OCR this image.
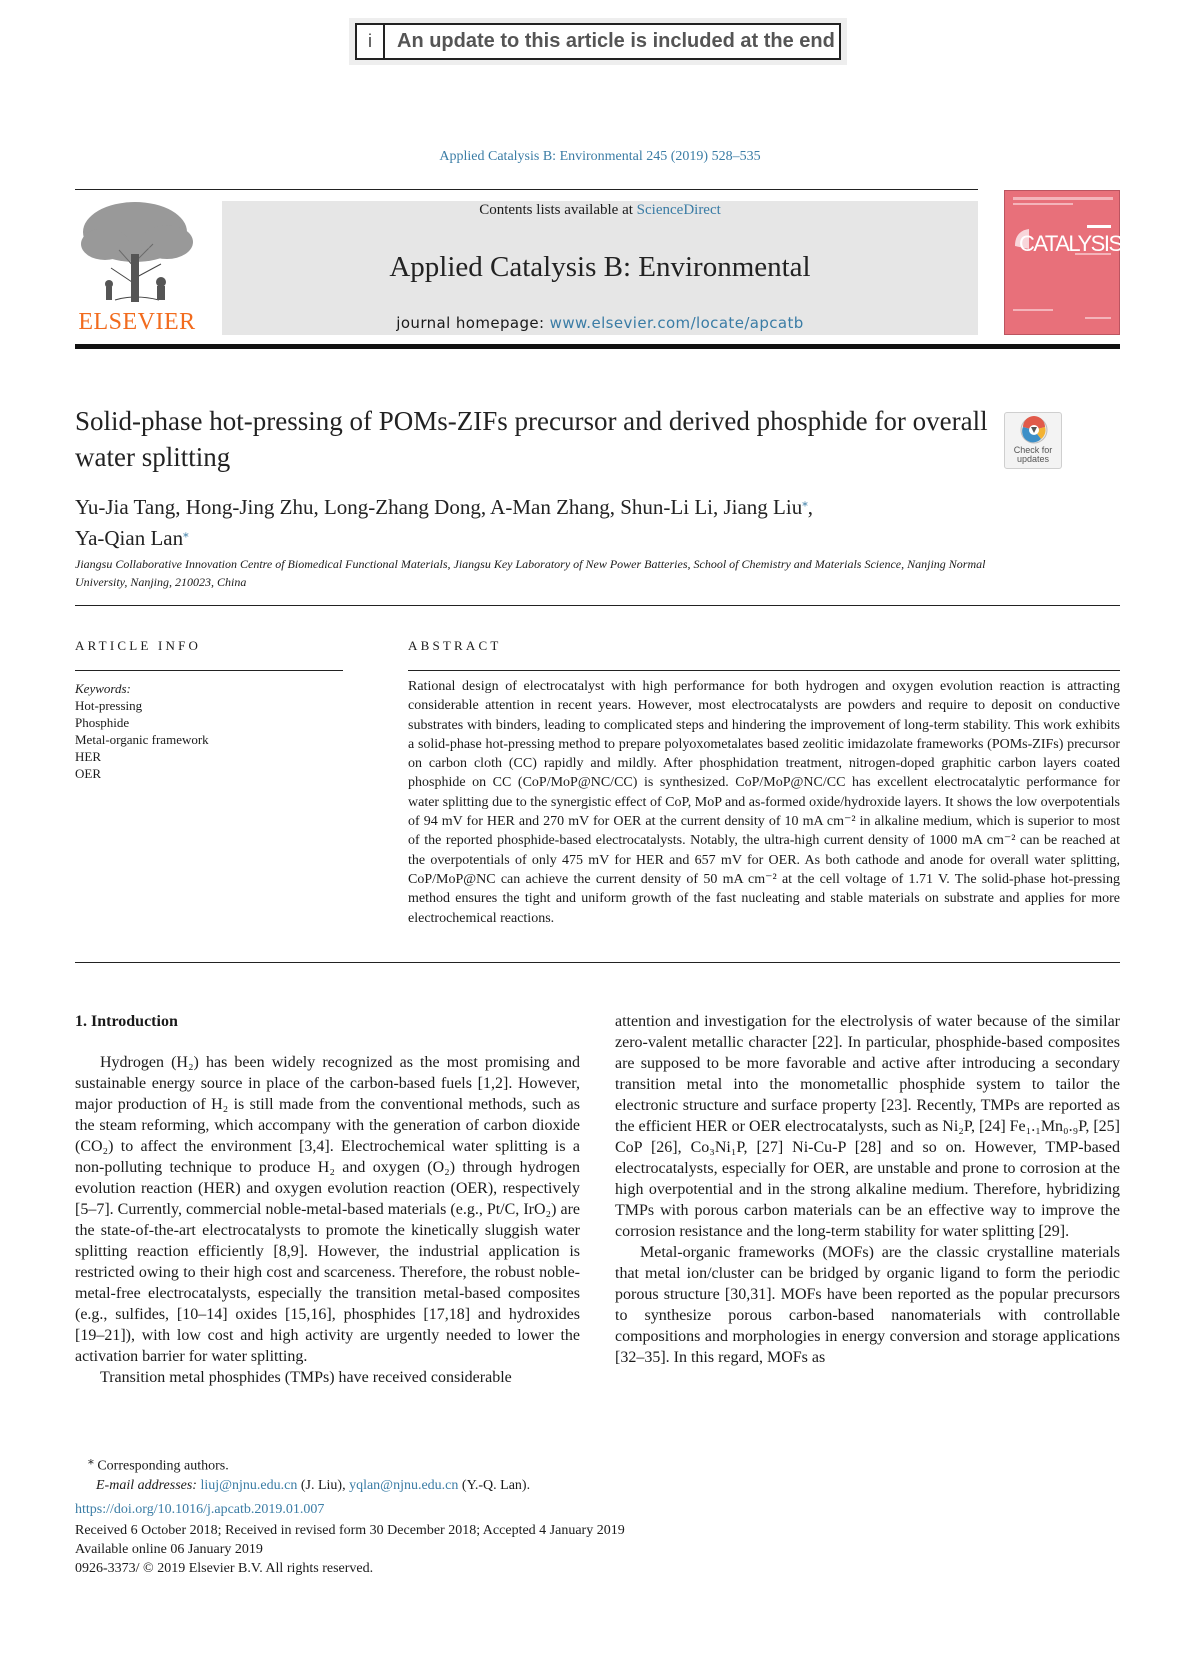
i	An update to this article is included at the end
Applied Catalysis B: Environmental 245 (2019) 528–535
ELSEVIER
Contents lists available at ScienceDirect
Applied Catalysis B: Environmental
journal homepage: www.elsevier.com/locate/apcatb
CATALYSIS
Solid-phase hot-pressing of POMs-ZIFs precursor and derived phosphide for overall water splitting	Check for
updates
Yu-Jia Tang, Hong-Jing Zhu, Long-Zhang Dong, A-Man Zhang, Shun-Li Li, Jiang Liu⁎,
Ya-Qian Lan⁎
Jiangsu Collaborative Innovation Centre of Biomedical Functional Materials, Jiangsu Key Laboratory of New Power Batteries, School of Chemistry and Materials Science, Nanjing Normal University, Nanjing, 210023, China
ARTICLE INFO	ABSTRACT
Keywords:
Hot-pressing
Phosphide
Metal-organic framework
HER
OER
Rational design of electrocatalyst with high performance for both hydrogen and oxygen evolution reaction is attracting considerable attention in recent years. However, most electrocatalysts are powders and require to deposit on conductive substrates with binders, leading to complicated steps and hindering the improvement of long-term stability. This work exhibits a solid-phase hot-pressing method to prepare polyoxometalates based zeolitic imidazolate frameworks (POMs-ZIFs) precursor on carbon cloth (CC) rapidly and mildly. After phosphidation treatment, nitrogen-doped graphitic carbon layers coated phosphide on CC (CoP/MoP@NC/CC) is synthesized. CoP/MoP@NC/CC has excellent electrocatalytic performance for water splitting due to the synergistic effect of CoP, MoP and as-formed oxide/hydroxide layers. It shows the low overpotentials of 94 mV for HER and 270 mV for OER at the current density of 10 mA cm⁻² in alkaline medium, which is superior to most of the reported phosphide-based electrocatalysts. Notably, the ultra-high current density of 1000 mA cm⁻² can be reached at the overpotentials of only 475 mV for HER and 657 mV for OER. As both cathode and anode for overall water splitting, CoP/MoP@NC can achieve the current density of 50 mA cm⁻² at the cell voltage of 1.71 V. The solid-phase hot-pressing method ensures the tight and uniform growth of the fast nucleating and stable materials on substrate and applies for more electrochemical reactions.
1. Introduction

Hydrogen (H₂) has been widely recognized as the most promising and sustainable energy source in place of the carbon-based fuels [1,2]. However, major production of H₂ is still made from the conventional methods, such as the steam reforming, which accompany with the generation of carbon dioxide (CO₂) to affect the environment [3,4]. Electrochemical water splitting is a non-polluting technique to produce H₂ and oxygen (O₂) through hydrogen evolution reaction (HER) and oxygen evolution reaction (OER), respectively [5–7]. Currently, commercial noble-metal-based materials (e.g., Pt/C, IrO₂) are the state-of-the-art electrocatalysts to promote the kinetically sluggish water splitting reaction efficiently [8,9]. However, the industrial application is restricted owing to their high cost and scarceness. Therefore, the robust noble-metal-free electrocatalysts, especially the transition metal-based composites (e.g., sulfides, [10–14] oxides [15,16], phosphides [17,18] and hydroxides [19–21]), with low cost and high activity are urgently needed to lower the activation barrier for water splitting.

Transition metal phosphides (TMPs) have received considerable

attention and investigation for the electrolysis of water because of the similar zero-valent metallic character [22]. In particular, phosphide-based composites are supposed to be more favorable and active after introducing a secondary transition metal into the monometallic phosphide system to tailor the electronic structure and surface property [23]. Recently, TMPs are reported as the efficient HER or OER electrocatalysts, such as Ni₂P, [24] Fe₁.₁Mn₀.₉P, [25] CoP [26], Co₃Ni₁P, [27] Ni-Cu-P [28] and so on. However, TMP-based electrocatalysts, especially for OER, are unstable and prone to corrosion at the high overpotential and in the strong alkaline medium. Therefore, hybridizing TMPs with porous carbon materials can be an effective way to improve the corrosion resistance and the long-term stability for water splitting [29].

Metal-organic frameworks (MOFs) are the classic crystalline materials that metal ion/cluster can be bridged by organic ligand to form the periodic porous structure [30,31]. MOFs have been reported as the popular precursors to synthesize porous carbon-based nanomaterials with controllable compositions and morphologies in energy conversion and storage applications [32–35]. In this regard, MOFs as

⁎ Corresponding authors.
E-mail addresses: liuj@njnu.edu.cn (J. Liu), yqlan@njnu.edu.cn (Y.-Q. Lan).
https://doi.org/10.1016/j.apcatb.2019.01.007
Received 6 October 2018; Received in revised form 30 December 2018; Accepted 4 January 2019
Available online 06 January 2019
0926-3373/ © 2019 Elsevier B.V. All rights reserved.
